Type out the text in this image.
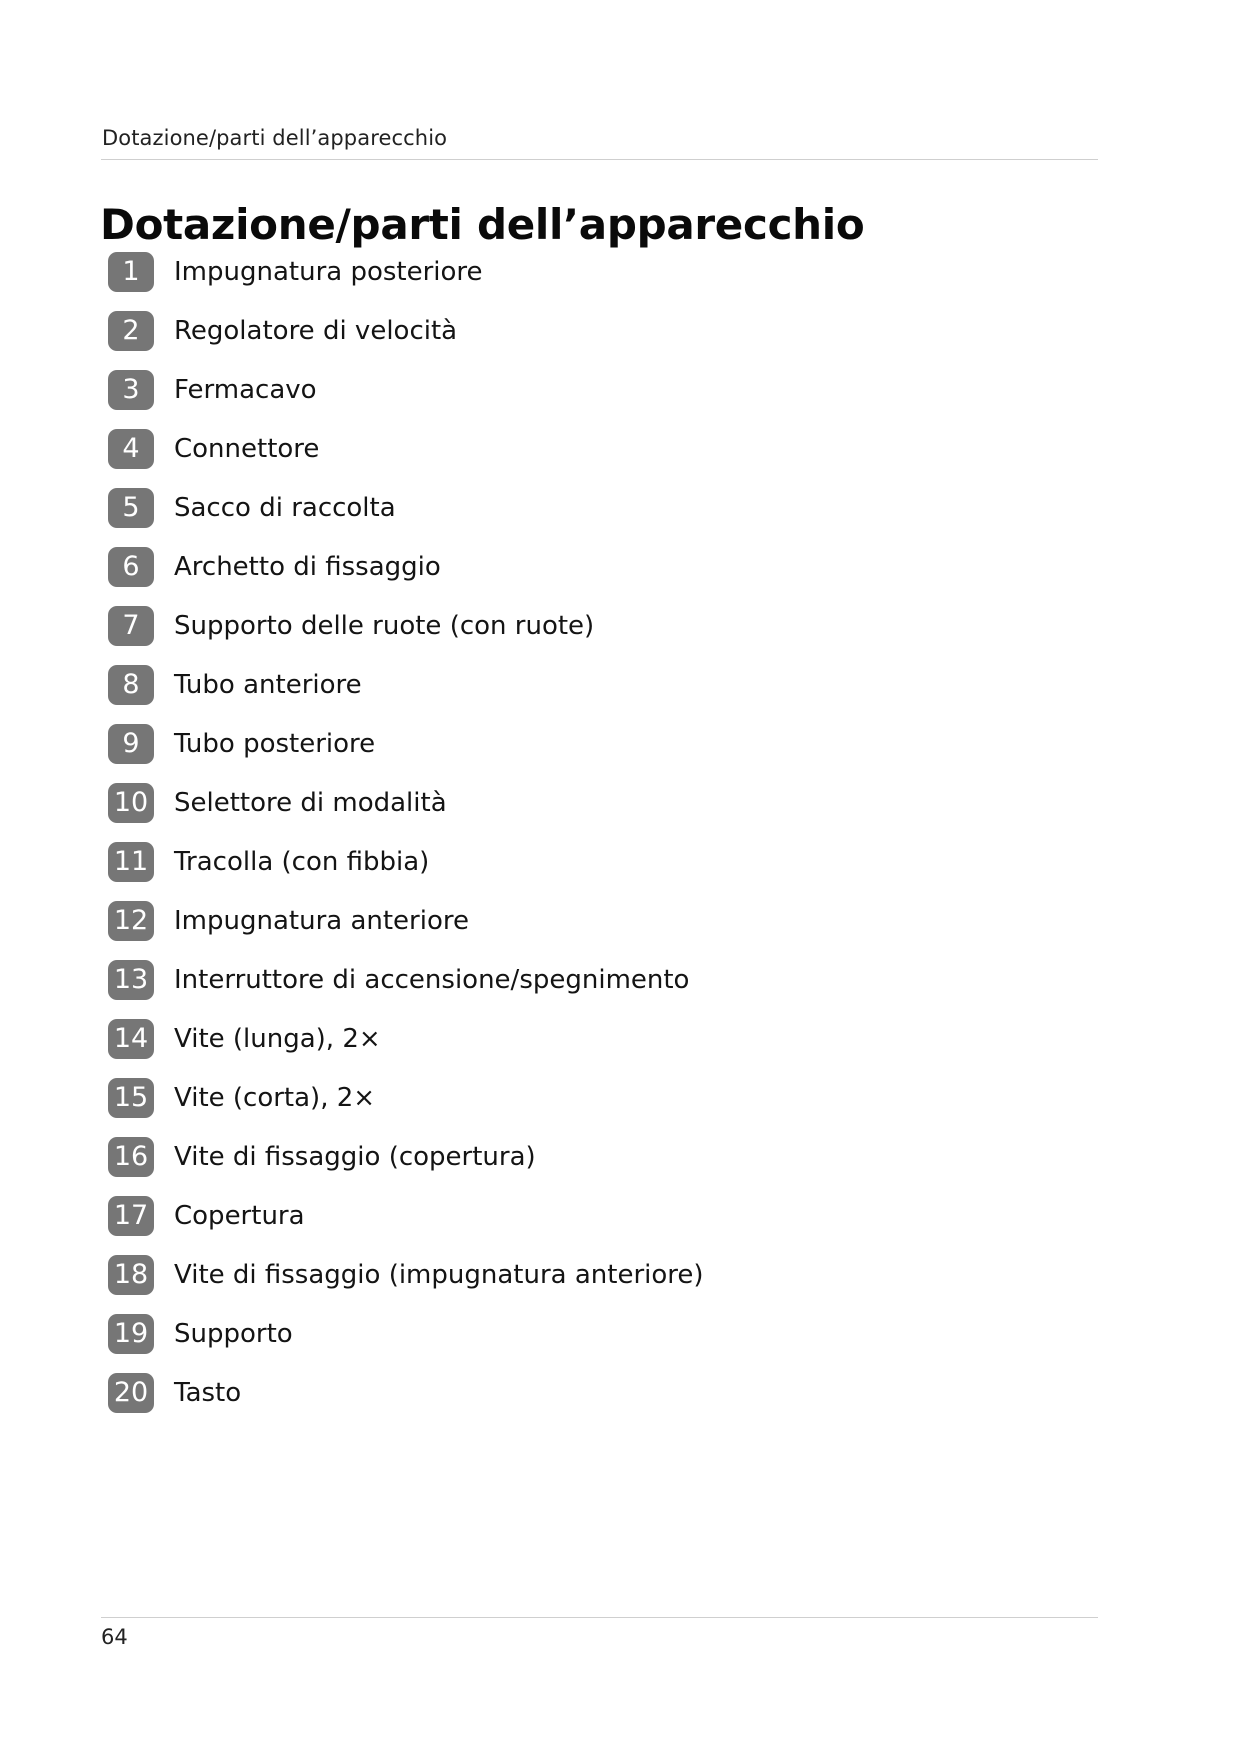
Dotazione/parti dell’apparecchio
Dotazione/parti dell’apparecchio
1	Impugnatura posteriore
2	Regolatore di velocità
3	Fermacavo
4	Connettore
5	Sacco di raccolta
6	Archetto di fissaggio
7	Supporto delle ruote (con ruote)
8	Tubo anteriore
9	Tubo posteriore
10 Selettore di modalità
11 Tracolla (con fibbia)
12 Impugnatura anteriore
13 Interruttore di accensione/spegnimento
14 Vite (lunga), 2×
15 Vite (corta), 2×
16 Vite di fissaggio (copertura)
17 Copertura
18 Vite di fissaggio (impugnatura anteriore)
19 Supporto
20 Tasto
64
